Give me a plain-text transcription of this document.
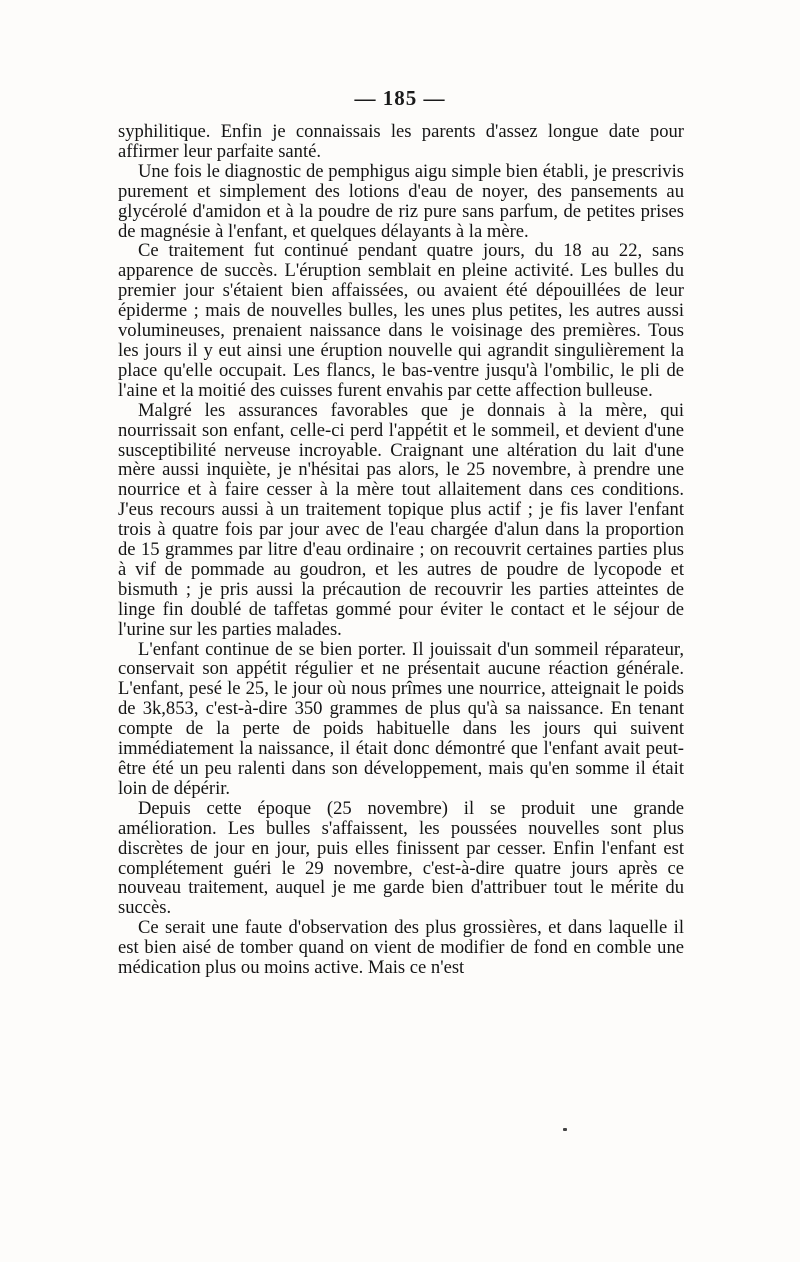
— 185 —

syphilitique. Enfin je connaissais les parents d'assez longue date pour affirmer leur parfaite santé.

Une fois le diagnostic de pemphigus aigu simple bien établi, je prescrivis purement et simplement des lotions d'eau de noyer, des pansements au glycérolé d'amidon et à la poudre de riz pure sans parfum, de petites prises de magnésie à l'enfant, et quelques délayants à la mère.

Ce traitement fut continué pendant quatre jours, du 18 au 22, sans apparence de succès. L'éruption semblait en pleine activité. Les bulles du premier jour s'étaient bien affaissées, ou avaient été dépouillées de leur épiderme ; mais de nouvelles bulles, les unes plus petites, les autres aussi volumineuses, prenaient naissance dans le voisinage des premières. Tous les jours il y eut ainsi une éruption nouvelle qui agrandit singulièrement la place qu'elle occupait. Les flancs, le bas-ventre jusqu'à l'ombilic, le pli de l'aine et la moitié des cuisses furent envahis par cette affection bulleuse.

Malgré les assurances favorables que je donnais à la mère, qui nourrissait son enfant, celle-ci perd l'appétit et le sommeil, et devient d'une susceptibilité nerveuse incroyable. Craignant une altération du lait d'une mère aussi inquiète, je n'hésitai pas alors, le 25 novembre, à prendre une nourrice et à faire cesser à la mère tout allaitement dans ces conditions. J'eus recours aussi à un traitement topique plus actif ; je fis laver l'enfant trois à quatre fois par jour avec de l'eau chargée d'alun dans la proportion de 15 grammes par litre d'eau ordinaire ; on recouvrit certaines parties plus à vif de pommade au goudron, et les autres de poudre de lycopode et bismuth ; je pris aussi la précaution de recouvrir les parties atteintes de linge fin doublé de taffetas gommé pour éviter le contact et le séjour de l'urine sur les parties malades.

L'enfant continue de se bien porter. Il jouissait d'un sommeil réparateur, conservait son appétit régulier et ne présentait aucune réaction générale. L'enfant, pesé le 25, le jour où nous prîmes une nourrice, atteignait le poids de 3k,853, c'est-à-dire 350 grammes de plus qu'à sa naissance. En tenant compte de la perte de poids habituelle dans les jours qui suivent immédiatement la naissance, il était donc démontré que l'enfant avait peut-être été un peu ralenti dans son développement, mais qu'en somme il était loin de dépérir.

Depuis cette époque (25 novembre) il se produit une grande amélioration. Les bulles s'affaissent, les poussées nouvelles sont plus discrètes de jour en jour, puis elles finissent par cesser. Enfin l'enfant est complétement guéri le 29 novembre, c'est-à-dire quatre jours après ce nouveau traitement, auquel je me garde bien d'attribuer tout le mérite du succès.

Ce serait une faute d'observation des plus grossières, et dans laquelle il est bien aisé de tomber quand on vient de modifier de fond en comble une médication plus ou moins active. Mais ce n'est
